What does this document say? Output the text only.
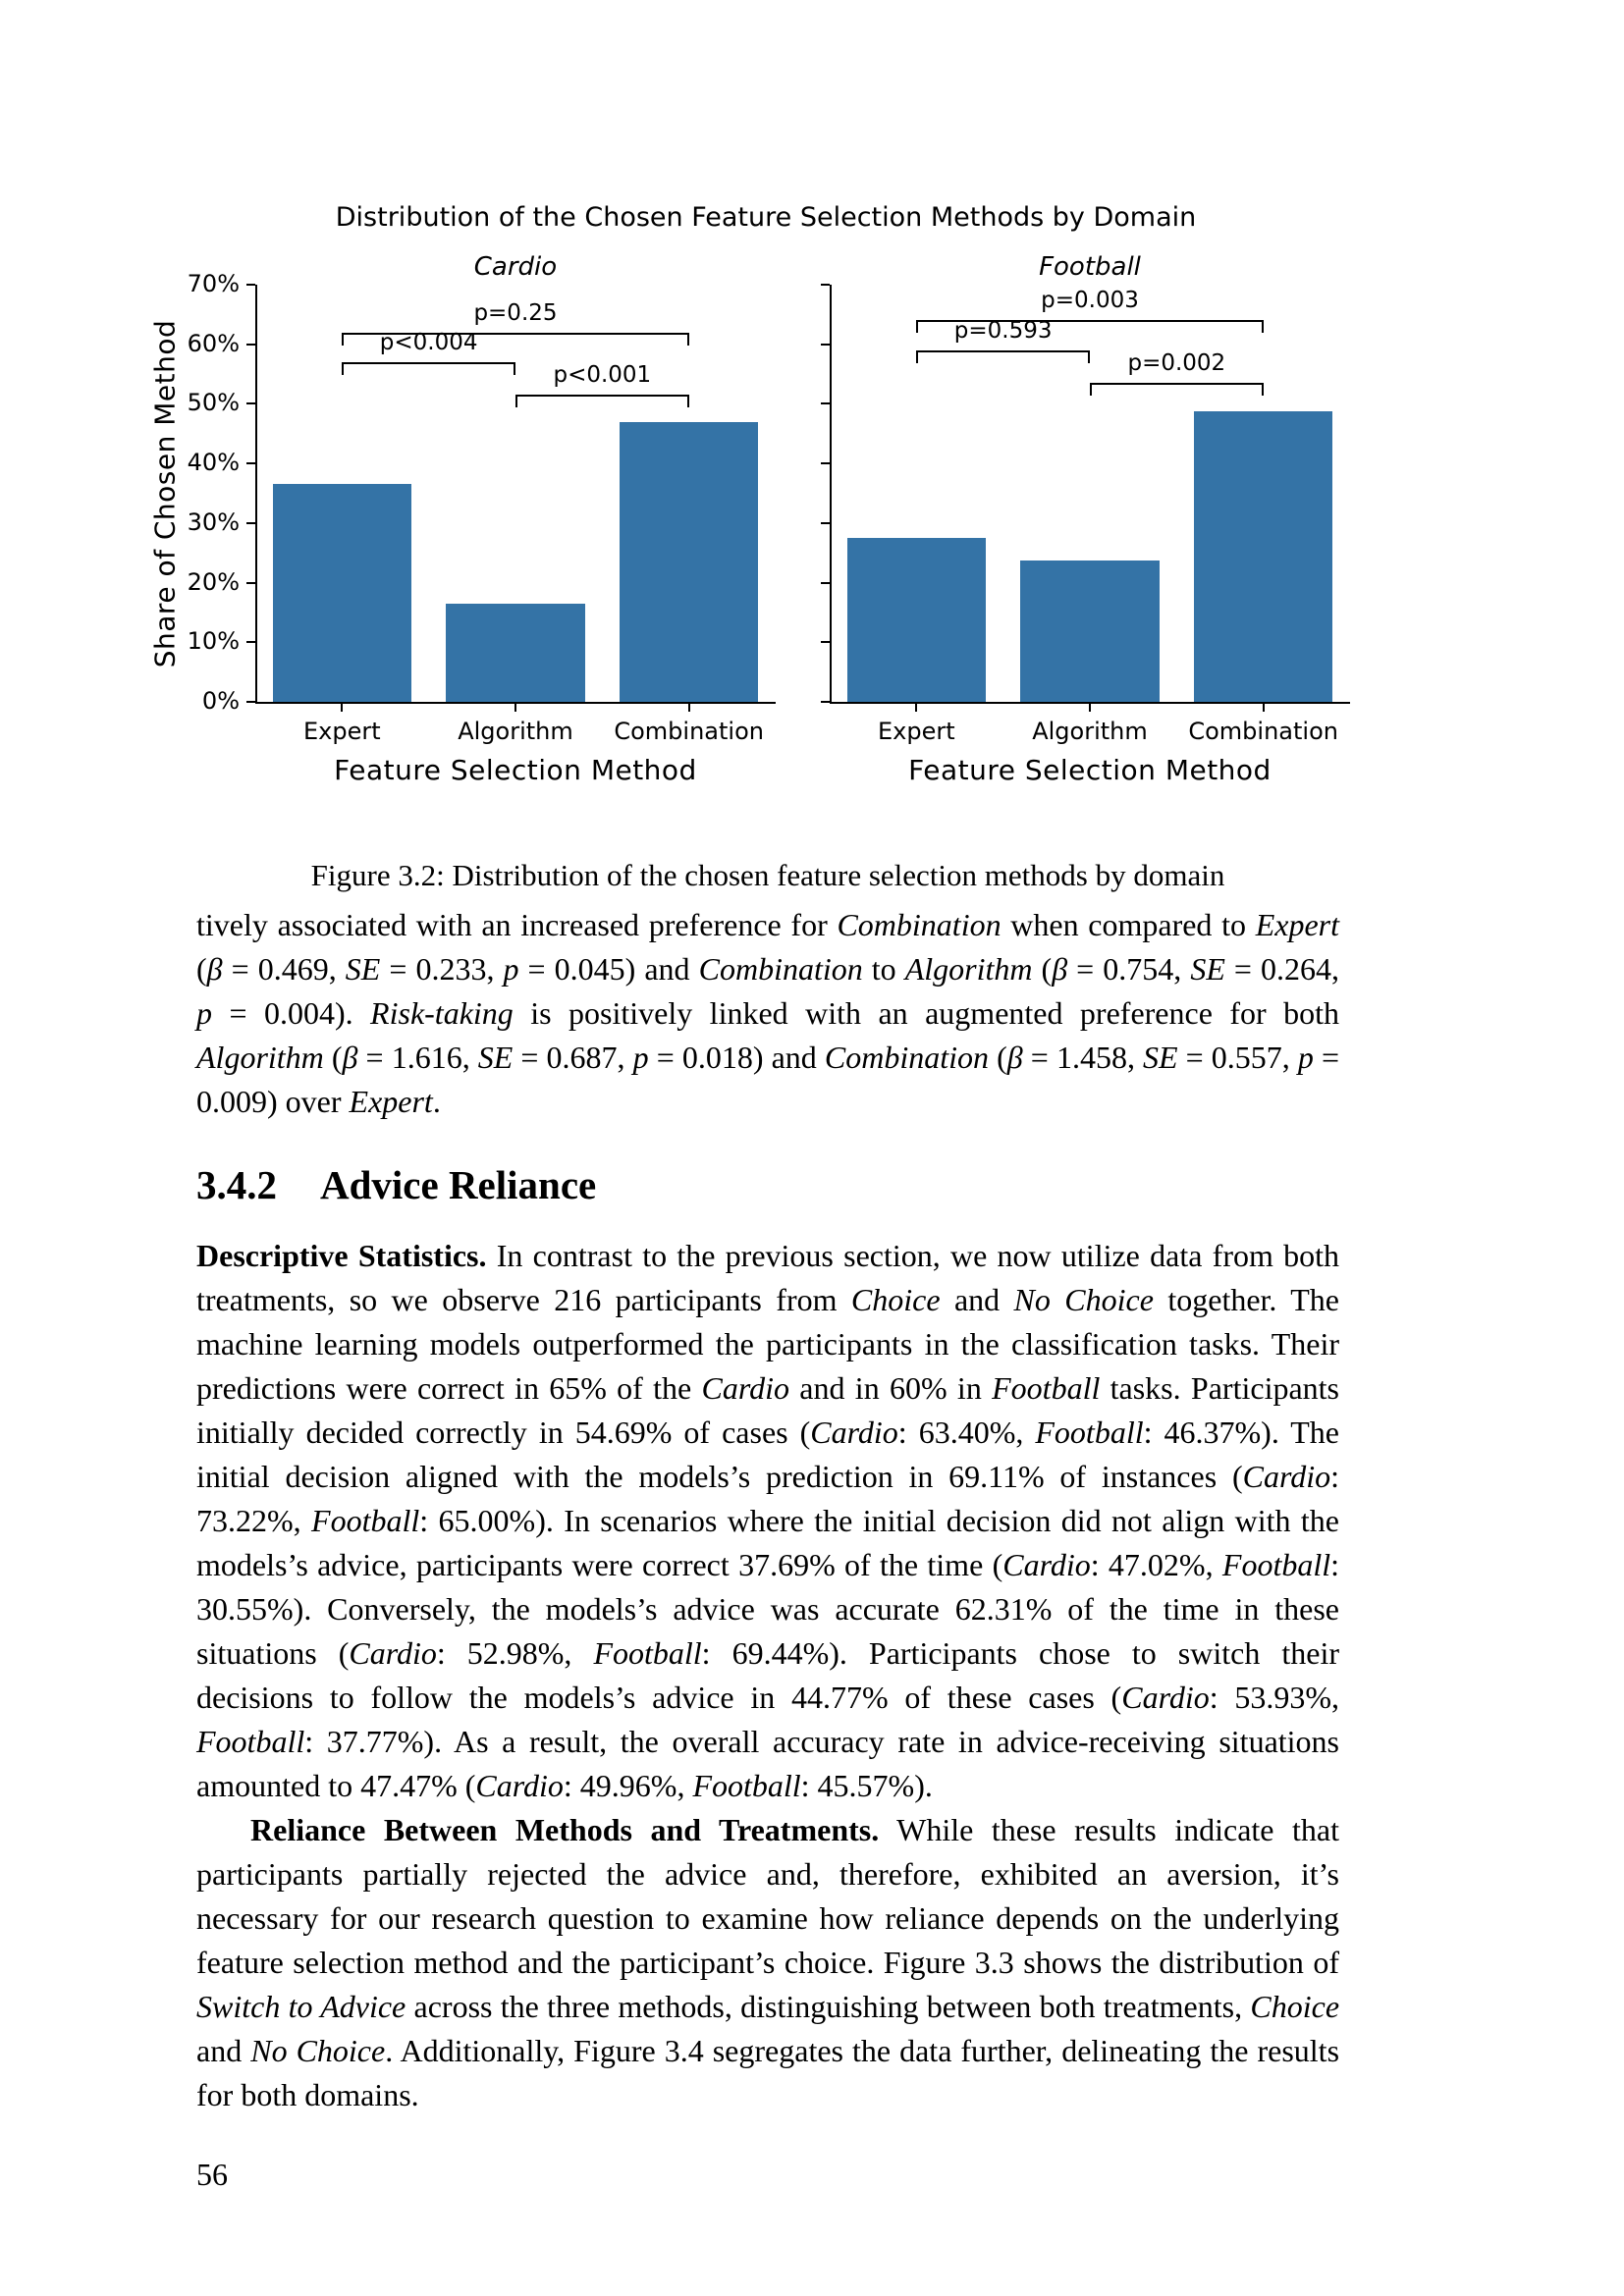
Distribution of the Chosen Feature Selection Methods by Domain
Share of Chosen Method
Cardio
0%
10%
20%
30%
40%
50%
60%
70%
Expert	Algorithm	Combination
Feature Selection Method
p=0.25
p<0.004
p<0.001
Football
Expert	Algorithm	Combination
Feature Selection Method
p=0.003
p=0.593
p=0.002
Figure 3.2: Distribution of the chosen feature selection methods by domain

tively associated with an increased preference for Combination when compared to Expert (β = 0.469, SE = 0.233, p = 0.045) and Combination to Algorithm (β = 0.754, SE = 0.264, p = 0.004). Risk-taking is positively linked with an augmented preference for both Algorithm (β = 1.616, SE = 0.687, p = 0.018) and Combination (β = 1.458, SE = 0.557, p = 0.009) over Expert.

3.4.2 Advice Reliance

Descriptive Statistics. In contrast to the previous section, we now utilize data from both treatments, so we observe 216 participants from Choice and No Choice together. The machine learning models outperformed the participants in the classification tasks. Their predictions were correct in 65% of the Cardio and in 60% in Football tasks. Participants initially decided correctly in 54.69% of cases (Cardio: 63.40%, Football: 46.37%). The initial decision aligned with the models’s prediction in 69.11% of instances (Cardio: 73.22%, Football: 65.00%). In scenarios where the initial decision did not align with the models’s advice, participants were correct 37.69% of the time (Cardio: 47.02%, Football: 30.55%). Conversely, the models’s advice was accurate 62.31% of the time in these situations (Cardio: 52.98%, Football: 69.44%). Participants chose to switch their decisions to follow the models’s advice in 44.77% of these cases (Cardio: 53.93%, Football: 37.77%). As a result, the overall accuracy rate in advice-receiving situations amounted to 47.47% (Cardio: 49.96%, Football: 45.57%).

Reliance Between Methods and Treatments. While these results indicate that participants partially rejected the advice and, therefore, exhibited an aversion, it’s necessary for our research question to examine how reliance depends on the underlying feature selection method and the participant’s choice. Figure 3.3 shows the distribution of Switch to Advice across the three methods, distinguishing between both treatments, Choice and No Choice. Additionally, Figure 3.4 segregates the data further, delineating the results for both domains.

56
